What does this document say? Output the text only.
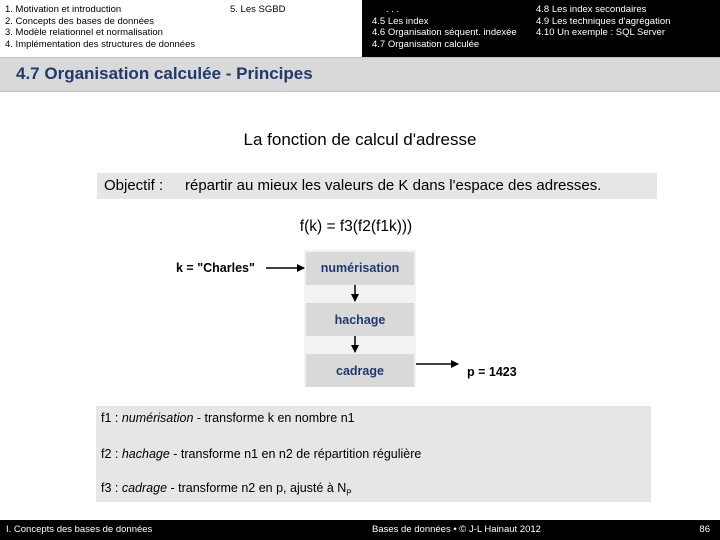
1. Motivation et introduction
2. Concepts des bases de données
3. Modèle relationnel et normalisation
4. Implémentation des structures de données
5. Les SGBD	. . .
4.5 Les index
4.6 Organisation séquent. indexée
4.7 Organisation calculée
4.8 Les index secondaires
4.9 Les techniques d'agrégation
4.10 Un exemple : SQL Server
4.7 Organisation calculée - Principes
La fonction de calcul d'adresse
Objectif : répartir au mieux les valeurs de K dans l'espace des adresses.
f(k) = f3(f2(f1k)))
numérisation
hachage
cadrage
k = "Charles"
p = 1423
f1 : numérisation - transforme k en nombre n1
f2 : hachage - transforme n1 en n2 de répartition régulière
f3 : cadrage - transforme n2 en p, ajusté à $N_P$
I. Concepts des bases de données	Bases de données • © J-L Hainaut 2012	86
